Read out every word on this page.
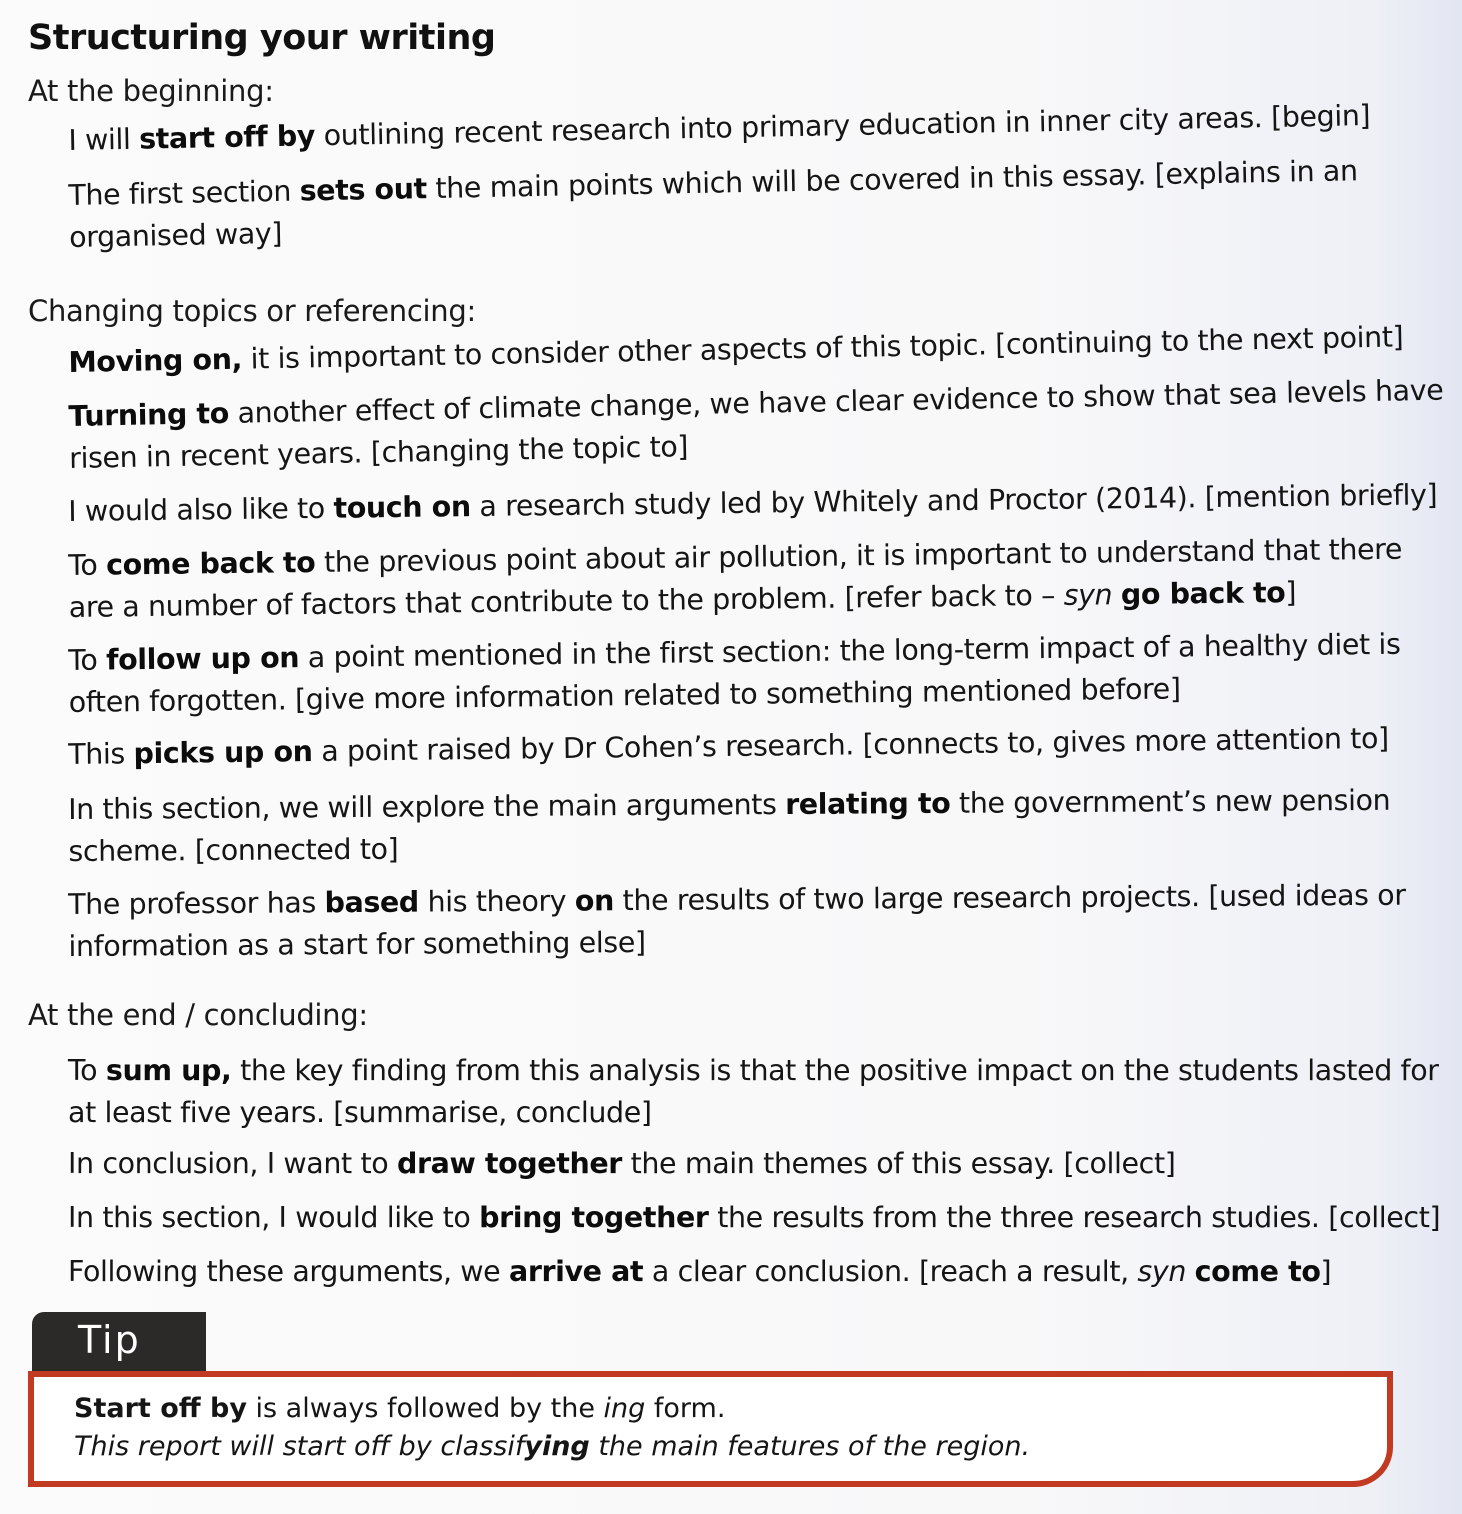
Structuring your writing
At the beginning:
I will start off by outlining recent research into primary education in inner city areas. [begin]
The first section sets out the main points which will be covered in this essay. [explains in an organised way]
Changing topics or referencing:
Moving on, it is important to consider other aspects of this topic. [continuing to the next point]
Turning to another effect of climate change, we have clear evidence to show that sea levels have risen in recent years. [changing the topic to]
I would also like to touch on a research study led by Whitely and Proctor (2014). [mention briefly]
To come back to the previous point about air pollution, it is important to understand that there are a number of factors that contribute to the problem. [refer back to – syn go back to]
To follow up on a point mentioned in the first section: the long-term impact of a healthy diet is often forgotten. [give more information related to something mentioned before]
This picks up on a point raised by Dr Cohen’s research. [connects to, gives more attention to]
In this section, we will explore the main arguments relating to the government’s new pension scheme. [connected to]
The professor has based his theory on the results of two large research projects. [used ideas or information as a start for something else]
At the end / concluding:
To sum up, the key finding from this analysis is that the positive impact on the students lasted for at least five years. [summarise, conclude]
In conclusion, I want to draw together the main themes of this essay. [collect]
In this section, I would like to bring together the results from the three research studies. [collect]
Following these arguments, we arrive at a clear conclusion. [reach a result, syn come to]
Tip
Start off by is always followed by the ing form.
This report will start off by classifying the main features of the region.
